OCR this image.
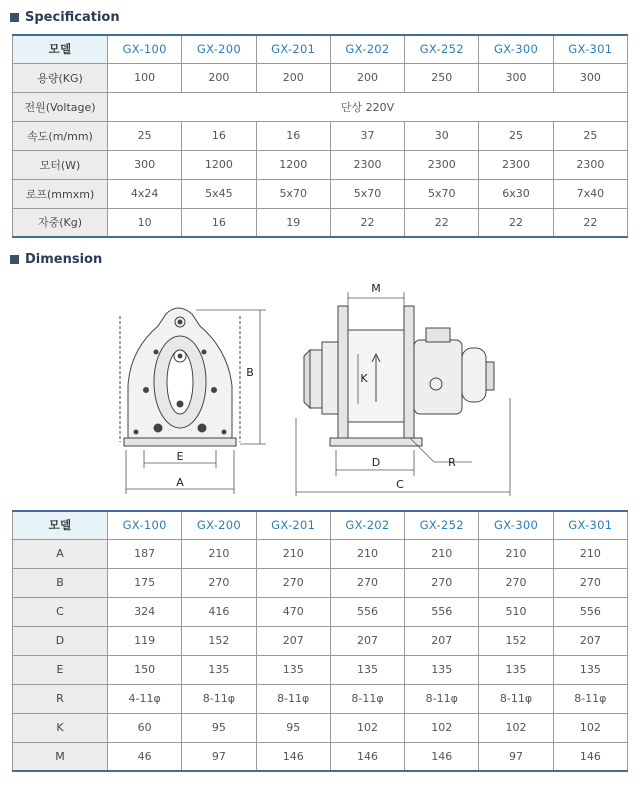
Specification
모델	GX-100	GX-200	GX-201	GX-202	GX-252	GX-300	GX-301
용량(KG)	100	200	200	200	250	300	300
전원(Voltage)	단상 220V						
속도(m/mm)	25	16	16	37	30	25	25
모터(W)	300	1200	1200	2300	2300	2300	2300
로프(mmxm)	4x24	5x45	5x70	5x70	5x70	6x30	7x40
자중(Kg)	10	16	19	22	22	22	22
Dimension
E
A
B
M
K
D	R
C
모델	GX-100	GX-200	GX-201	GX-202	GX-252	GX-300	GX-301
A	187	210	210	210	210	210	210
B	175	270	270	270	270	270	270
C	324	416	470	556	556	510	556
D	119	152	207	207	207	152	207
E	150	135	135	135	135	135	135
R	4-11φ	8-11φ	8-11φ	8-11φ	8-11φ	8-11φ	8-11φ
K	60	95	95	102	102	102	102
M	46	97	146	146	146	97	146
